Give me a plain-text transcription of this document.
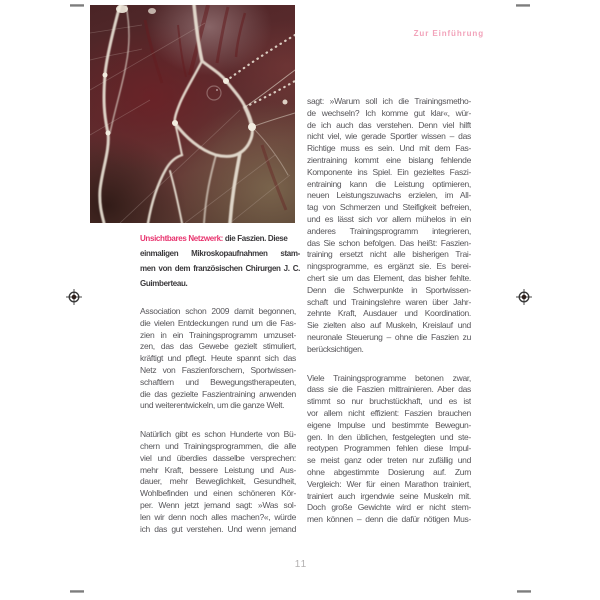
Zur Einführung
Unsichtbares Netzwerk: die Faszien. Diese
einmaligen Mikroskopaufnahmen stam-
men von dem französischen Chirurgen J. C.
Guimberteau.
Association schon 2009 damit begonnen,
die vielen Entdeckungen rund um die Fas-
zien in ein Trainingsprogramm umzuset-
zen, das das Gewebe gezielt stimuliert,
kräftigt und pflegt. Heute spannt sich das
Netz von Faszienforschern, Sportwissen-
schaftlern und Bewegungstherapeuten,
die das gezielte Faszientraining anwenden
und weiterentwickeln, um die ganze Welt.
Natürlich gibt es schon Hunderte von Bü-
chern und Trainingsprogrammen, die alle
viel und überdies dasselbe versprechen:
mehr Kraft, bessere Leistung und Aus-
dauer, mehr Beweglichkeit, Gesundheit,
Wohlbefinden und einen schöneren Kör-
per. Wenn jetzt jemand sagt: »Was sol-
len wir denn noch alles machen?«, würde
ich das gut verstehen. Und wenn jemand
sagt: »Warum soll ich die Trainingsmetho-
de wechseln? Ich komme gut klar«, wür-
de ich auch das verstehen. Denn viel hilft
nicht viel, wie gerade Sportler wissen – das
Richtige muss es sein. Und mit dem Fas-
zientraining kommt eine bislang fehlende
Komponente ins Spiel. Ein gezieltes Faszi-
entraining kann die Leistung optimieren,
neuen Leistungszuwachs erzielen, im All-
tag von Schmerzen und Steifigkeit befreien,
und es lässt sich vor allem mühelos in ein
anderes Trainingsprogramm integrieren,
das Sie schon befolgen. Das heißt: Faszien-
training ersetzt nicht alle bisherigen Trai-
ningsprogramme, es ergänzt sie. Es berei-
chert sie um das Element, das bisher fehlte.
Denn die Schwerpunkte in Sportwissen-
schaft und Trainingslehre waren über Jahr-
zehnte Kraft, Ausdauer und Koordination.
Sie zielten also auf Muskeln, Kreislauf und
neuronale Steuerung – ohne die Faszien zu
berücksichtigen.
Viele Trainingsprogramme betonen zwar,
dass sie die Faszien mittrainieren. Aber das
stimmt so nur bruchstückhaft, und es ist
vor allem nicht effizient: Faszien brauchen
eigene Impulse und bestimmte Bewegun-
gen. In den üblichen, festgelegten und ste-
reotypen Programmen fehlen diese Impul-
se meist ganz oder treten nur zufällig und
ohne abgestimmte Dosierung auf. Zum
Vergleich: Wer für einen Marathon trainiert,
trainiert auch irgendwie seine Muskeln mit.
Doch große Gewichte wird er nicht stem-
men können – denn die dafür nötigen Mus-
11
